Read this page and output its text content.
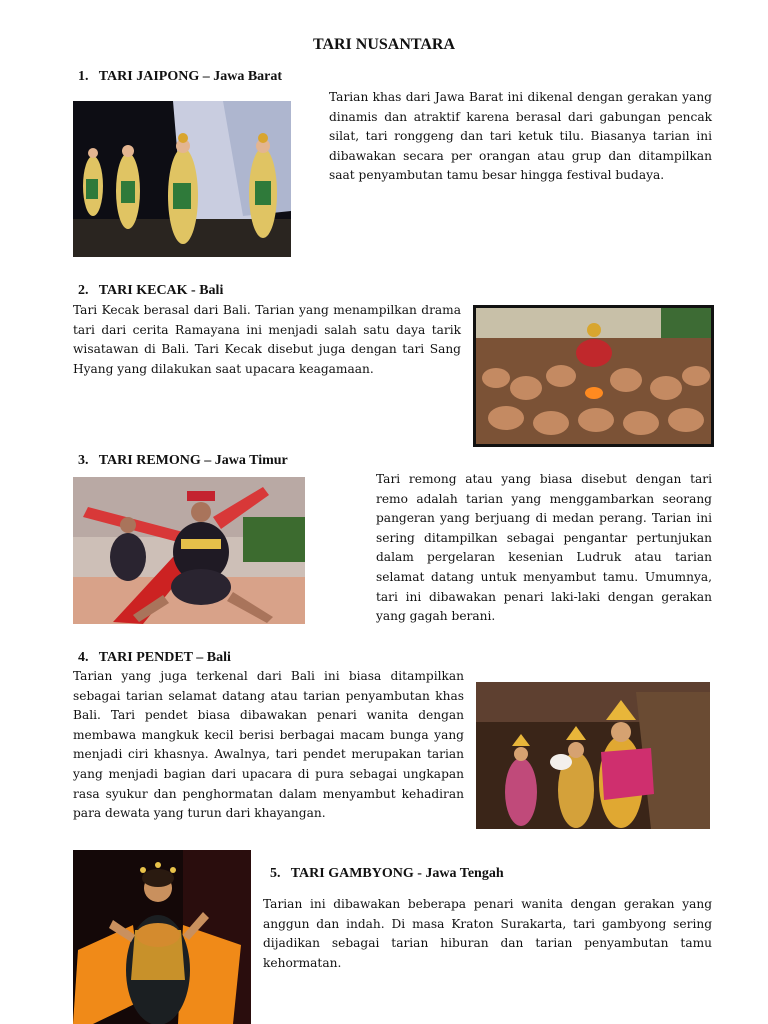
TARI NUSANTARA
1. TARI JAIPONG – Jawa Barat

Tarian khas dari Jawa Barat ini dikenal dengan gerakan yang dinamis dan atraktif karena berasal dari gabungan pencak silat, tari ronggeng dan tari ketuk tilu. Biasanya tarian ini dibawakan secara per orangan atau grup dan ditampilkan saat penyambutan tamu besar hingga festival budaya.

2. TARI KECAK - Bali

Tari Kecak berasal dari Bali. Tarian yang menampilkan drama tari dari cerita Ramayana ini menjadi salah satu daya tarik wisatawan di Bali. Tari Kecak disebut juga dengan tari Sang Hyang yang dilakukan saat upacara keagamaan.

3. TARI REMONG – Jawa Timur

Tari remong atau yang biasa disebut dengan tari remo adalah tarian yang menggambarkan seorang pangeran yang berjuang di medan perang. Tarian ini sering ditampilkan sebagai pengantar pertunjukan dalam pergelaran kesenian Ludruk atau tarian selamat datang untuk menyambut tamu. Umumnya, tari ini dibawakan penari laki-laki dengan gerakan yang gagah berani.

4. TARI PENDET – Bali

Tarian yang juga terkenal dari Bali ini biasa ditampilkan sebagai tarian selamat datang atau tarian penyambutan khas Bali. Tari pendet biasa dibawakan penari wanita dengan membawa mangkuk kecil berisi berbagai macam bunga yang menjadi ciri khasnya. Awalnya, tari pendet merupakan tarian yang menjadi bagian dari upacara di pura sebagai ungkapan rasa syukur dan penghormatan dalam menyambut kehadiran para dewata yang turun dari khayangan.

5. TARI GAMBYONG - Jawa Tengah

Tarian ini dibawakan beberapa penari wanita dengan gerakan yang anggun dan indah. Di masa Kraton Surakarta, tari gambyong sering dijadikan sebagai tarian hiburan dan tarian penyambutan tamu kehormatan.
